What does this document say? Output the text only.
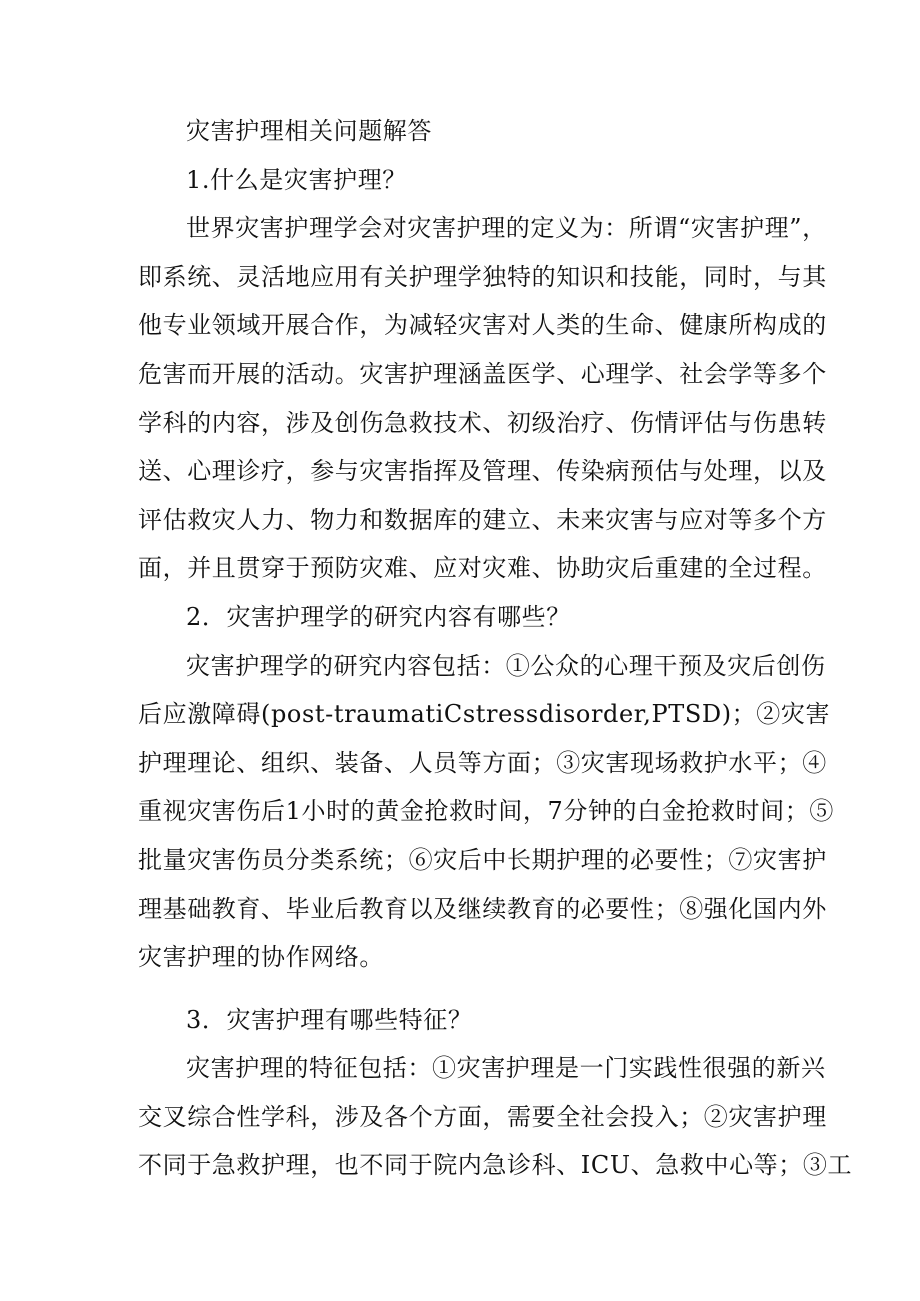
灾害护理相关问题解答
1.什么是灾害护理？
世界灾害护理学会对灾害护理的定义为：所谓“灾害护理”，
即系统、灵活地应用有关护理学独特的知识和技能，同时，与其
他专业领域开展合作，为减轻灾害对人类的生命、健康所构成的
危害而开展的活动。灾害护理涵盖医学、心理学、社会学等多个
学科的内容，涉及创伤急救技术、初级治疗、伤情评估与伤患转
送、心理诊疗，参与灾害指挥及管理、传染病预估与处理，以及
评估救灾人力、物力和数据库的建立、未来灾害与应对等多个方
面，并且贯穿于预防灾难、应对灾难、协助灾后重建的全过程。
2．灾害护理学的研究内容有哪些？
灾害护理学的研究内容包括：①公众的心理干预及灾后创伤
后应激障碍(post-traumatiCstressdisorder,PTSD)；②灾害
护理理论、组织、装备、人员等方面；③灾害现场救护水平；④
重视灾害伤后1小时的黄金抢救时间，7分钟的白金抢救时间；⑤
批量灾害伤员分类系统；⑥灾后中长期护理的必要性；⑦灾害护
理基础教育、毕业后教育以及继续教育的必要性；⑧强化国内外
灾害护理的协作网络。
3．灾害护理有哪些特征？
灾害护理的特征包括：①灾害护理是一门实践性很强的新兴
交叉综合性学科，涉及各个方面，需要全社会投入；②灾害护理
不同于急救护理，也不同于院内急诊科、ICU、急救中心等；③工
